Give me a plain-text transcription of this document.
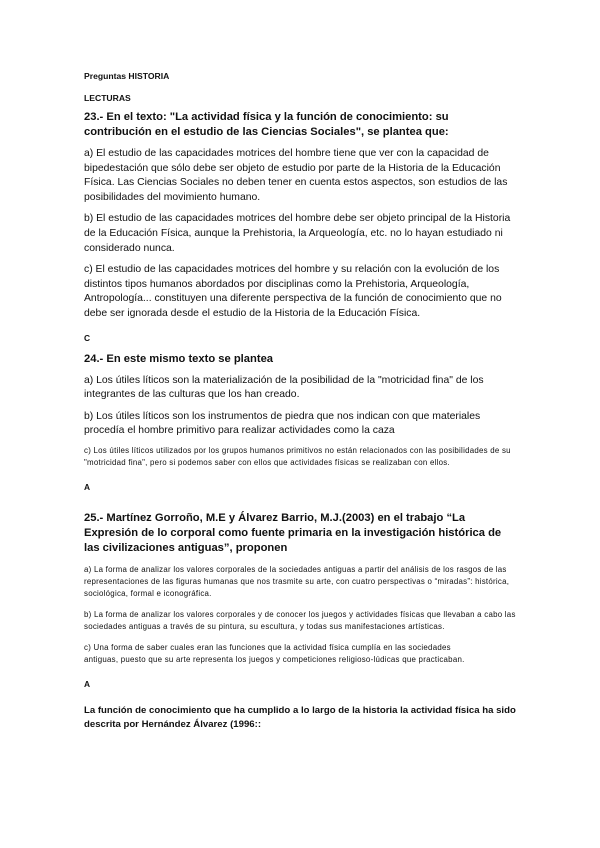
Preguntas HISTORIA

LECTURAS

23.- En el texto: "La actividad física y la función de conocimiento: su contribución en el estudio de las Ciencias Sociales", se plantea que:

a) El estudio de las capacidades motrices del hombre tiene que ver con la capacidad de bipedestación que sólo debe ser objeto de estudio por parte de la Historia de la Educación Física. Las Ciencias Sociales no deben tener en cuenta estos aspectos, son estudios de las posibilidades del movimiento humano.

b) El estudio de las capacidades motrices del hombre debe ser objeto principal de la Historia de la Educación Física, aunque la Prehistoria, la Arqueología, etc. no lo hayan estudiado ni considerado nunca.

c) El estudio de las capacidades motrices del hombre y su relación con la evolución de los distintos tipos humanos abordados por disciplinas como la Prehistoria, Arqueología, Antropología... constituyen una diferente perspectiva de la función de conocimiento que no debe ser ignorada desde el estudio de la Historia de la Educación Física.

C

24.- En este mismo texto se plantea

a) Los útiles líticos son la materialización de la posibilidad de la "motricidad fina" de los integrantes de las culturas que los han creado.

b) Los útiles líticos son los instrumentos de piedra que nos indican con que materiales procedía el hombre primitivo para realizar actividades como la caza

c) Los útiles líticos utilizados por los grupos humanos primitivos no están relacionados con las posibilidades de su "motricidad fina", pero si podemos saber con ellos que actividades físicas se realizaban con ellos.

A

25.- Martínez Gorroño, M.E y Álvarez Barrio, M.J.(2003) en el trabajo “La Expresión de lo corporal como fuente primaria en la investigación histórica de las civilizaciones antiguas”, proponen

a) La forma de analizar los valores corporales de la sociedades antiguas a partir del análisis de los rasgos de las representaciones de las figuras humanas que nos trasmite su arte, con cuatro perspectivas o “miradas”: histórica, sociológica, formal e iconográfica.

b) La forma de analizar los valores corporales y de conocer los juegos y actividades físicas que llevaban a cabo las sociedades antiguas a través de su pintura, su escultura, y todas sus manifestaciones artísticas.

c) Una forma de saber cuales eran las funciones que la actividad física cumplía en las sociedades antiguas, puesto que su arte representa los juegos y competiciones religioso-lúdicas que practicaban.

A

La función de conocimiento que ha cumplido a lo largo de la historia la actividad física ha sido descrita por Hernández Álvarez (1996::
